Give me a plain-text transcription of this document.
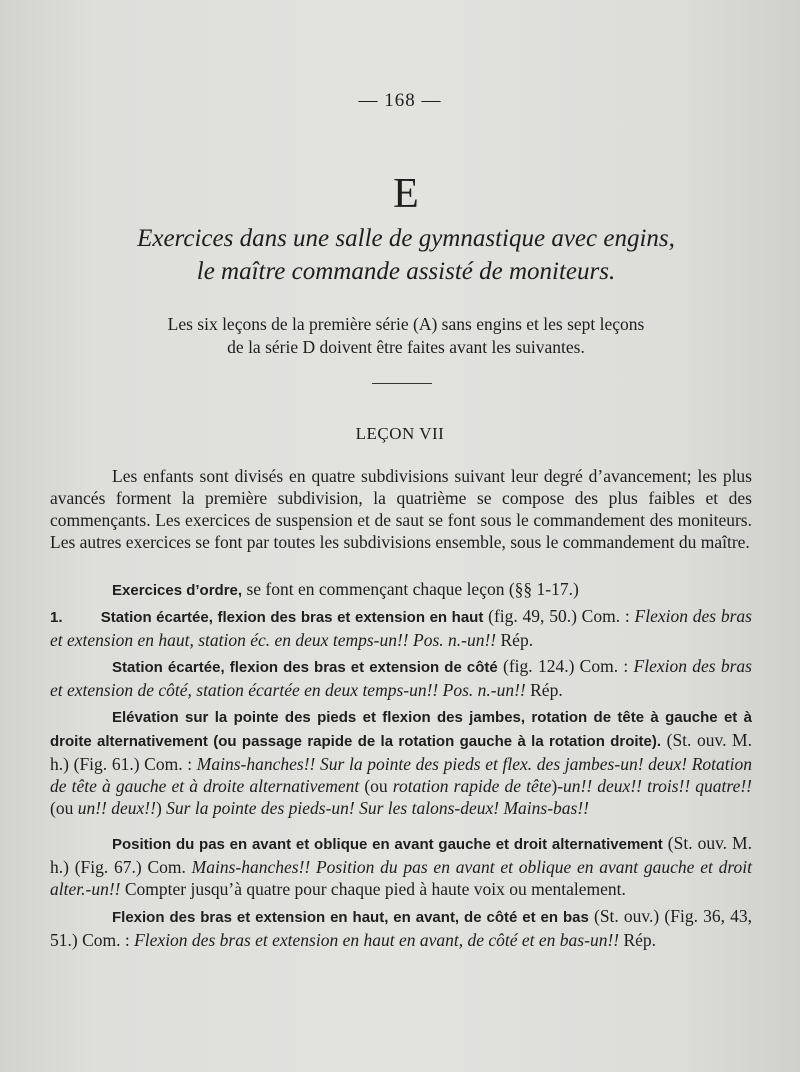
— 168 —
E
Exercices dans une salle de gymnastique avec engins,
le maître commande assisté de moniteurs.
Les six leçons de la première série (A) sans engins et les sept leçons
de la série D doivent être faites avant les suivantes.
LEÇON VII

Les enfants sont divisés en quatre subdivisions suivant leur degré d’avancement; les plus avancés forment la première subdivision, la quatrième se compose des plus faibles et des commençants. Les exercices de suspension et de saut se font sous le commandement des moniteurs. Les autres exercices se font par toutes les subdivisions ensemble, sous le commandement du maître.

Exercices d’ordre, se font en commençant chaque leçon (§§ 1-17.)

1.	Station écartée, flexion des bras et extension en haut (fig. 49, 50.) Com. : Flexion des bras et extension en haut, station éc. en deux temps-un!! Pos. n.-un!! Rép.

Station écartée, flexion des bras et extension de côté (fig. 124.) Com. : Flexion des bras et extension de côté, station écartée en deux temps-un!! Pos. n.-un!! Rép.

Elévation sur la pointe des pieds et flexion des jambes, rotation de tête à gauche et à droite alternativement (ou passage rapide de la rotation gauche à la rotation droite). (St. ouv. M. h.) (Fig. 61.) Com. : Mains-hanches!! Sur la pointe des pieds et flex. des jambes-un! deux! Rotation de tête à gauche et à droite alternativement (ou rotation rapide de tête)-un!! deux!! trois!! quatre!! (ou un!! deux!!) Sur la pointe des pieds-un! Sur les talons-deux! Mains-bas!!

Position du pas en avant et oblique en avant gauche et droit alternativement (St. ouv. M. h.) (Fig. 67.) Com. Mains-hanches!! Position du pas en avant et oblique en avant gauche et droit alter.-un!! Compter jusqu’à quatre pour chaque pied à haute voix ou mentalement.

Flexion des bras et extension en haut, en avant, de côté et en bas (St. ouv.) (Fig. 36, 43, 51.) Com. : Flexion des bras et extension en haut en avant, de côté et en bas-un!! Rép.
